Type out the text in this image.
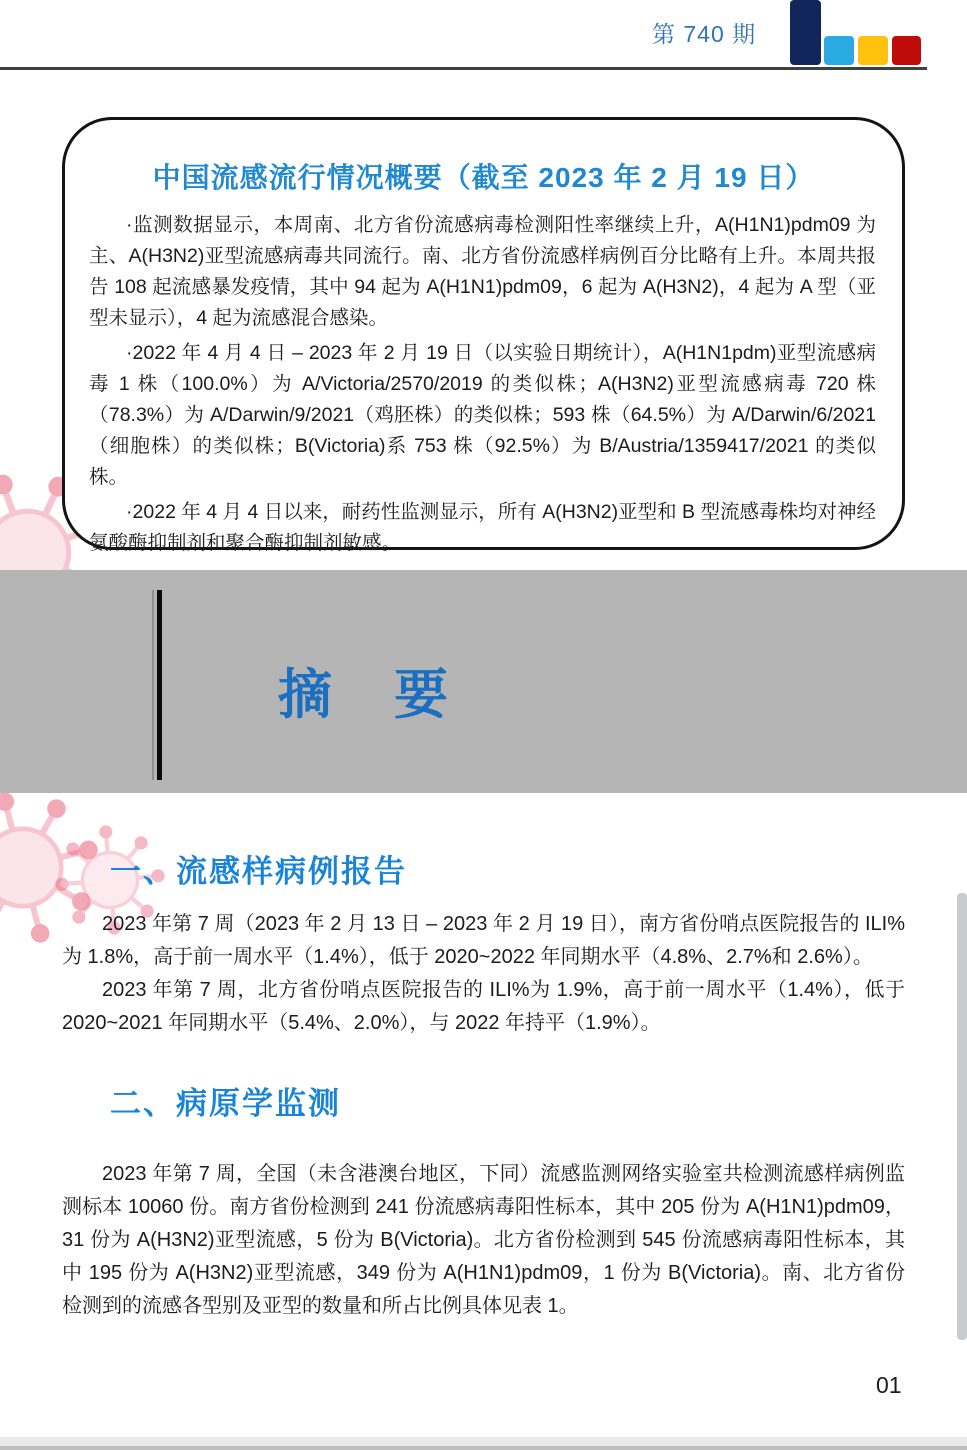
第 740 期
中国流感流行情况概要（截至 2023 年 2 月 19 日）

·监测数据显示，本周南、北方省份流感病毒检测阳性率继续上升，A(H1N1)pdm09 为主、A(H3N2)亚型流感病毒共同流行。南、北方省份流感样病例百分比略有上升。本周共报告 108 起流感暴发疫情，其中 94 起为 A(H1N1)pdm09，6 起为 A(H3N2)，4 起为 A 型（亚型未显示），4 起为流感混合感染。

·2022 年 4 月 4 日 – 2023 年 2 月 19 日（以实验日期统计），A(H1N1pdm)亚型流感病毒 1 株（100.0%）为 A/Victoria/2570/2019 的类似株；A(H3N2)亚型流感病毒 720 株（78.3%）为 A/Darwin/9/2021（鸡胚株）的类似株；593 株（64.5%）为 A/Darwin/6/2021（细胞株）的类似株；B(Victoria)系 753 株（92.5%）为 B/Austria/1359417/2021 的类似株。

·2022 年 4 月 4 日以来，耐药性监测显示，所有 A(H3N2)亚型和 B 型流感毒株均对神经氨酸酶抑制剂和聚合酶抑制剂敏感。

摘　要
一、流感样病例报告

2023 年第 7 周（2023 年 2 月 13 日 – 2023 年 2 月 19 日），南方省份哨点医院报告的 ILI%为 1.8%，高于前一周水平（1.4%），低于 2020~2022 年同期水平（4.8%、2.7%和 2.6%）。

2023 年第 7 周，北方省份哨点医院报告的 ILI%为 1.9%，高于前一周水平（1.4%），低于 2020~2021 年同期水平（5.4%、2.0%），与 2022 年持平（1.9%）。

二、病原学监测

2023 年第 7 周，全国（未含港澳台地区，下同）流感监测网络实验室共检测流感样病例监测标本 10060 份。南方省份检测到 241 份流感病毒阳性标本，其中 205 份为 A(H1N1)pdm09，31 份为 A(H3N2)亚型流感，5 份为 B(Victoria)。北方省份检测到 545 份流感病毒阳性标本，其中 195 份为 A(H3N2)亚型流感，349 份为 A(H1N1)pdm09，1 份为 B(Victoria)。南、北方省份检测到的流感各型别及亚型的数量和所占比例具体见表 1。

01
